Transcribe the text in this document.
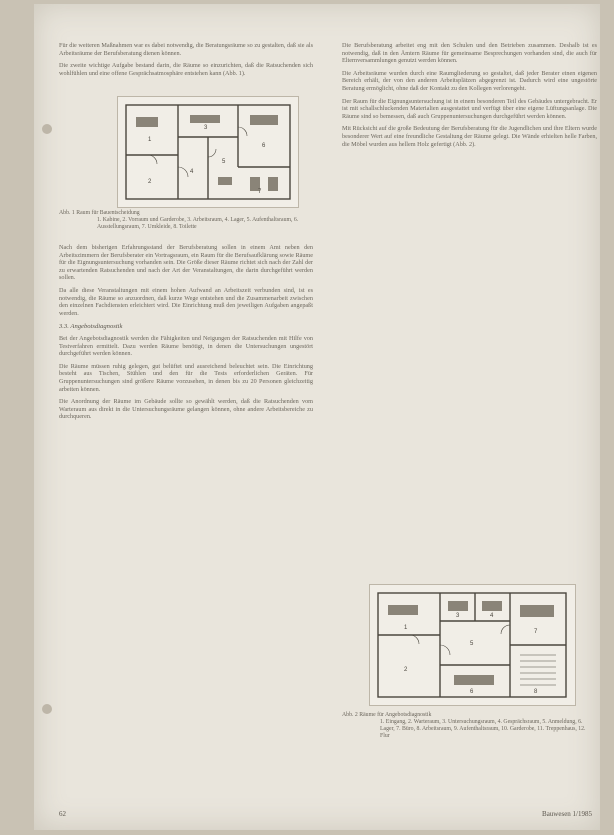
Für die weiteren Maßnahmen war es dabei notwendig, die Beratungsräume so zu gestalten, daß sie als Arbeitsräume der Berufsberatung dienen können.

Die zweite wichtige Aufgabe bestand darin, die Räume so einzurichten, daß die Ratsuchenden sich wohlfühlen und eine offene Gesprächsatmosphäre entstehen kann (Abb. 1).

1
2
3
4
5
6
7
Abb. 1 Raum für Bauentscheidung
1. Kabine, 2. Vorraum und Garderobe, 3. Arbeitsraum, 4. Lager, 5. Aufenthaltsraum, 6. Ausstellungsraum, 7. Umkleide, 8. Toilette

Nach dem bisherigen Erfahrungsstand der Berufsberatung sollen in einem Amt neben den Arbeitszimmern der Berufsberater ein Vortragsraum, ein Raum für die Berufsaufklärung sowie Räume für die Eignungsuntersuchung vorhanden sein. Die Größe dieser Räume richtet sich nach der Zahl der zu erwartenden Ratsuchenden und nach der Art der Veranstaltungen, die darin durchgeführt werden sollen.

Da alle diese Veranstaltungen mit einem hohen Aufwand an Arbeitszeit verbunden sind, ist es notwendig, die Räume so anzuordnen, daß kurze Wege entstehen und die Zusammenarbeit zwischen den einzelnen Fachdiensten erleichtert wird. Die Einrichtung muß den jeweiligen Aufgaben angepaßt werden.

3.3. Angebotsdiagnostik

Bei der Angebotsdiagnostik werden die Fähigkeiten und Neigungen der Ratsuchenden mit Hilfe von Testverfahren ermittelt. Dazu werden Räume benötigt, in denen die Untersuchungen ungestört durchgeführt werden können.

Die Räume müssen ruhig gelegen, gut belüftet und ausreichend beleuchtet sein. Die Einrichtung besteht aus Tischen, Stühlen und den für die Tests erforderlichen Geräten. Für Gruppenuntersuchungen sind größere Räume vorzusehen, in denen bis zu 20 Personen gleichzeitig arbeiten können.

Die Anordnung der Räume im Gebäude sollte so gewählt werden, daß die Ratsuchenden vom Warteraum aus direkt in die Untersuchungsräume gelangen können, ohne andere Arbeitsbereiche zu durchqueren.

Die Berufsberatung arbeitet eng mit den Schulen und den Betrieben zusammen. Deshalb ist es notwendig, daß in den Ämtern Räume für gemeinsame Besprechungen vorhanden sind, die auch für Elternversammlungen genutzt werden können.

Die Arbeitsräume wurden durch eine Raumgliederung so gestaltet, daß jeder Berater einen eigenen Bereich erhält, der von den anderen Arbeitsplätzen abgegrenzt ist. Dadurch wird eine ungestörte Beratung ermöglicht, ohne daß der Kontakt zu den Kollegen verlorengeht.

Der Raum für die Eignungsuntersuchung ist in einem besonderen Teil des Gebäudes untergebracht. Er ist mit schallschluckenden Materialien ausgestattet und verfügt über eine eigene Lüftungsanlage. Die Räume sind so bemessen, daß auch Gruppenuntersuchungen durchgeführt werden können.

Mit Rücksicht auf die große Bedeutung der Berufsberatung für die Jugendlichen und ihre Eltern wurde besonderer Wert auf eine freundliche Gestaltung der Räume gelegt. Die Wände erhielten helle Farben, die Möbel wurden aus hellem Holz gefertigt (Abb. 2).

1
2
3	4
5
6
7
8
Abb. 2 Räume für Angebotsdiagnostik
1. Eingang, 2. Warteraum, 3. Untersuchungsraum, 4. Gesprächsraum, 5. Anmeldung, 6. Lager, 7. Büro, 8. Arbeitsraum, 9. Aufenthaltsraum, 10. Garderobe, 11. Treppenhaus, 12. Flur
62	Bauwesen 1/1985
